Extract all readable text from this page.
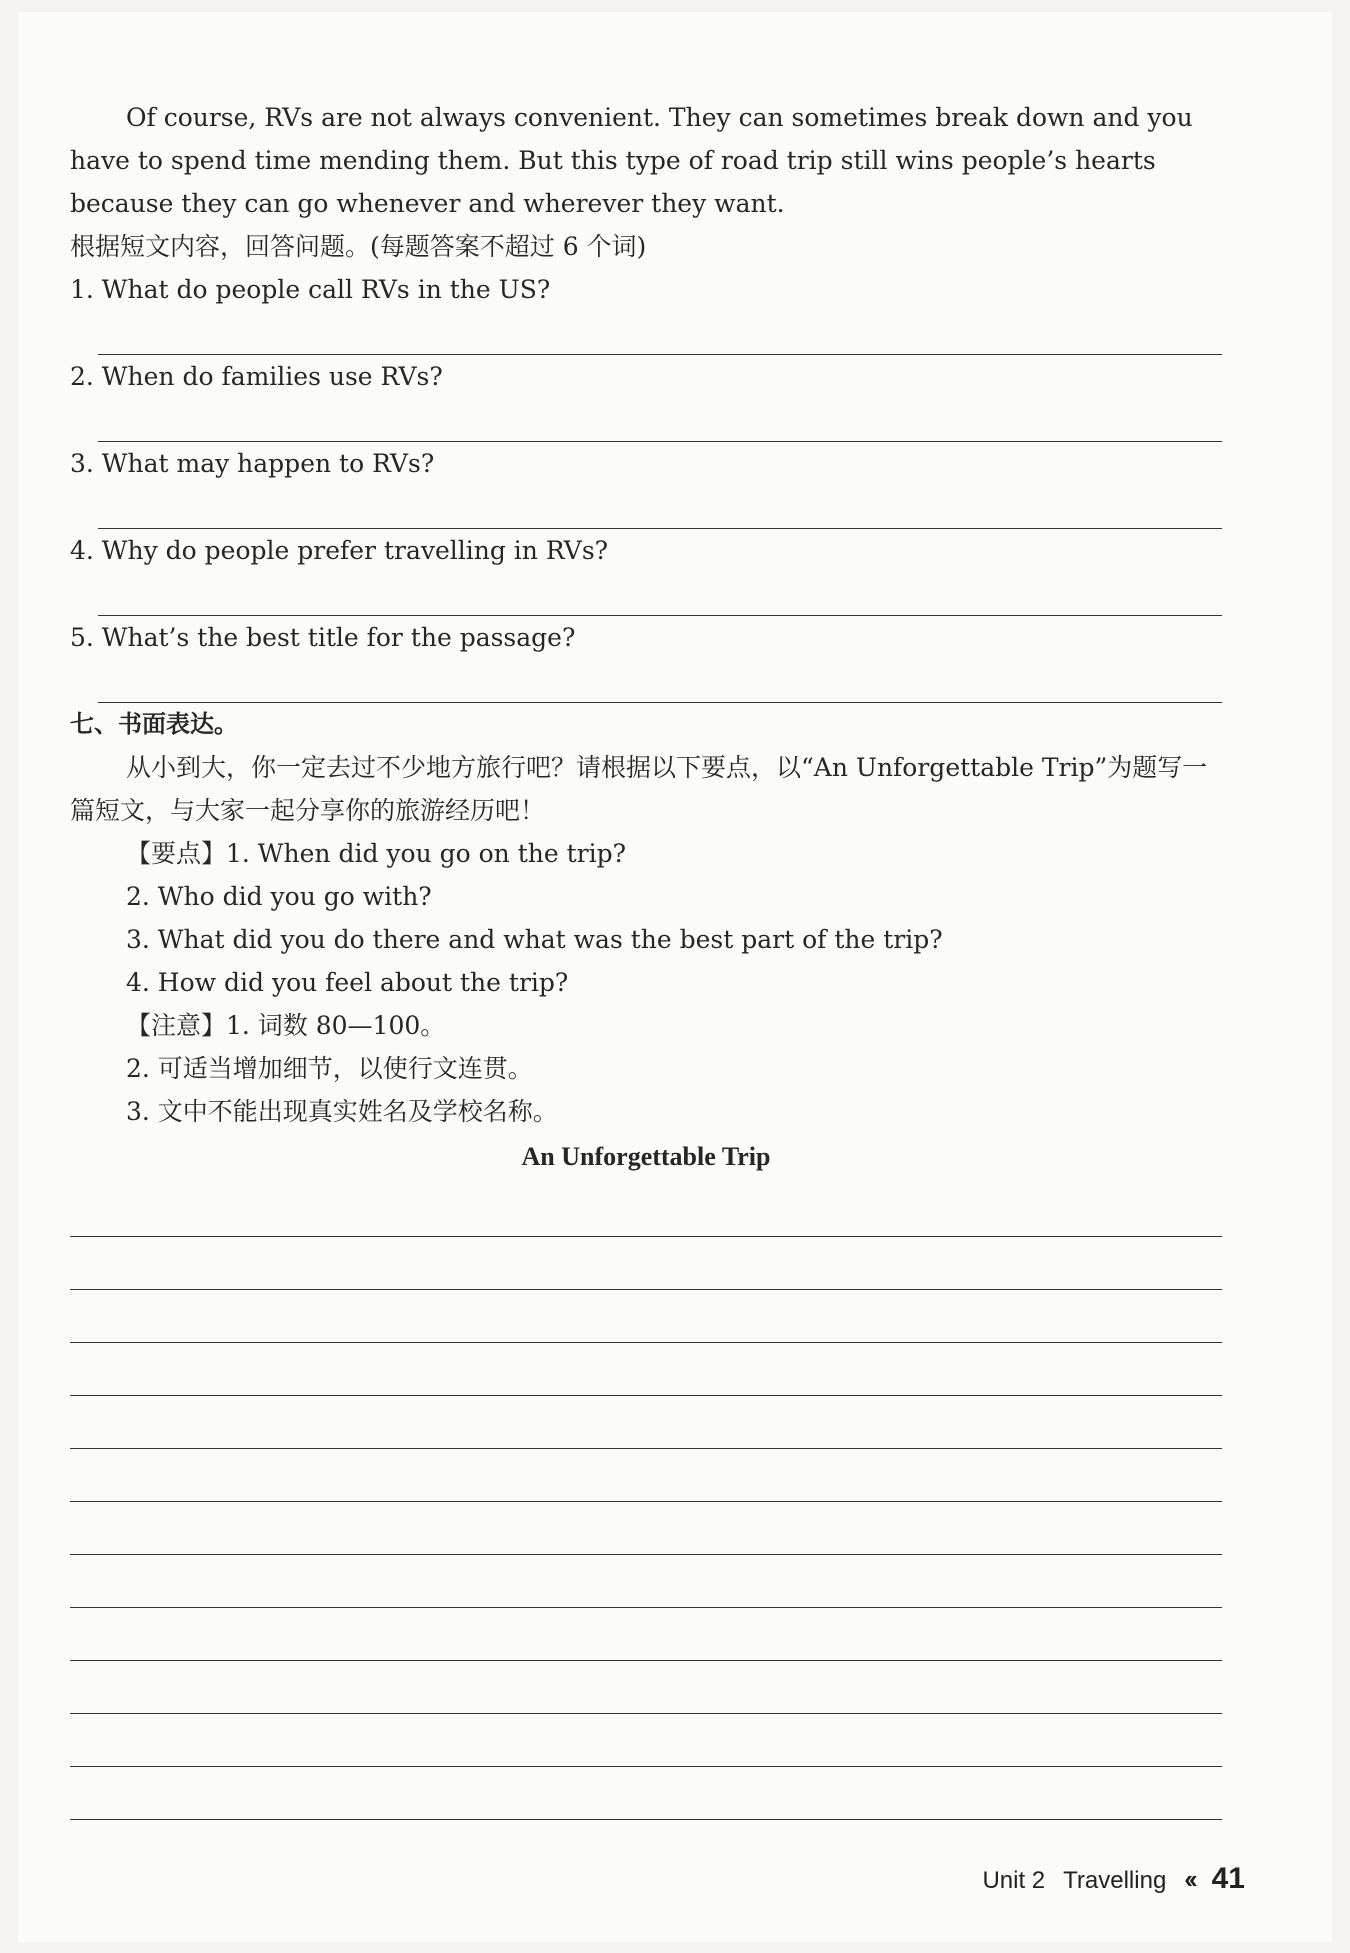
Of course, RVs are not always convenient. They can sometimes break down and you have to spend time mending them. But this type of road trip still wins people’s hearts because they can go whenever and wherever they want.

根据短文内容，回答问题。(每题答案不超过 6 个词)

1. What do people call RVs in the US?

2. When do families use RVs?

3. What may happen to RVs?

4. Why do people prefer travelling in RVs?

5. What’s the best title for the passage?

七、书面表达。

从小到大，你一定去过不少地方旅行吧？请根据以下要点，以“An Unforgettable Trip”为题写一篇短文，与大家一起分享你的旅游经历吧！

【要点】1. When did you go on the trip?

2. Who did you go with?

3. What did you do there and what was the best part of the trip?

4. How did you feel about the trip?

【注意】1. 词数 80—100。

2. 可适当增加细节，以使行文连贯。

3. 文中不能出现真实姓名及学校名称。

An Unforgettable Trip

Unit 2 Travelling ‹‹ 41
